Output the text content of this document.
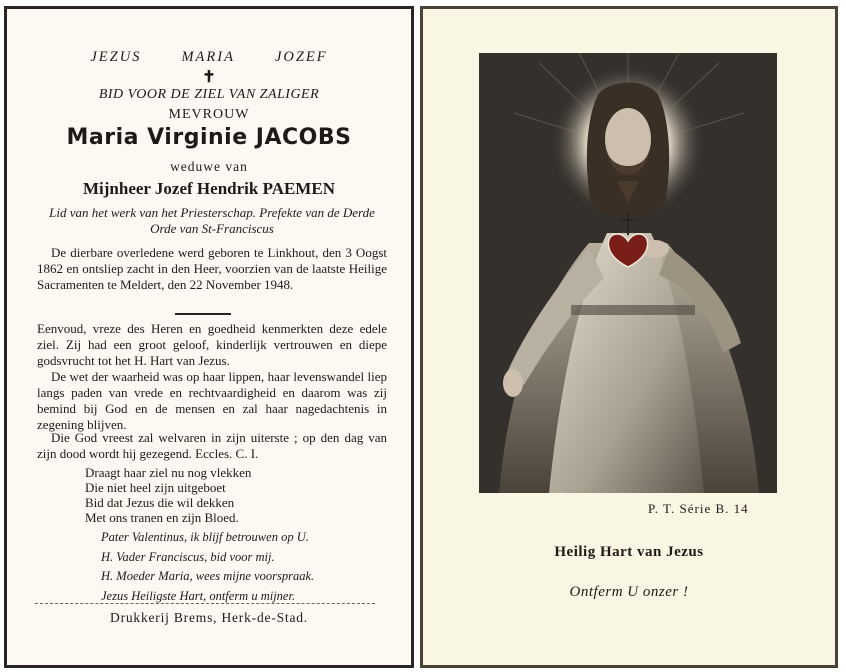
JEZUS	MARIA	JOZEF
✝
BID VOOR DE ZIEL VAN ZALIGER
MEVROUW
Maria Virginie JACOBS
weduwe van
Mijnheer Jozef Hendrik PAEMEN
Lid van het werk van het Priesterschap. Prefekte van de Derde Orde van St-Franciscus
De dierbare overledene werd geboren te Linkhout, den 3 Oogst 1862 en ontsliep zacht in den Heer, voorzien van de laatste Heilige Sacramenten te Meldert, den 22 November 1948.
Eenvoud, vreze des Heren en goedheid kenmerkten deze edele ziel. Zij had een groot geloof, kinderlijk vertrouwen en diepe godsvrucht tot het H. Hart van Jezus.
De wet der waarheid was op haar lippen, haar levenswandel liep langs paden van vrede en rechtvaardigheid en daarom was zij bemind bij God en de mensen en zal haar nagedachtenis in zegening blijven.
Die God vreest zal welvaren in zijn uiterste ; op den dag van zijn dood wordt hij gezegend. Eccles. C. I.
Draagt haar ziel nu nog vlekken
Die niet heel zijn uitgeboet
Bid dat Jezus die wil dekken
Met ons tranen en zijn Bloed.
Pater Valentinus, ik blijf betrouwen op U.
H. Vader Franciscus, bid voor mij.
H. Moeder Maria, wees mijne voorspraak.
Jezus Heiligste Hart, ontferm u mijner.
Drukkerij Brems, Herk-de-Stad.
P. T. Série B. 14
Heilig Hart van Jezus
Ontferm U onzer !
